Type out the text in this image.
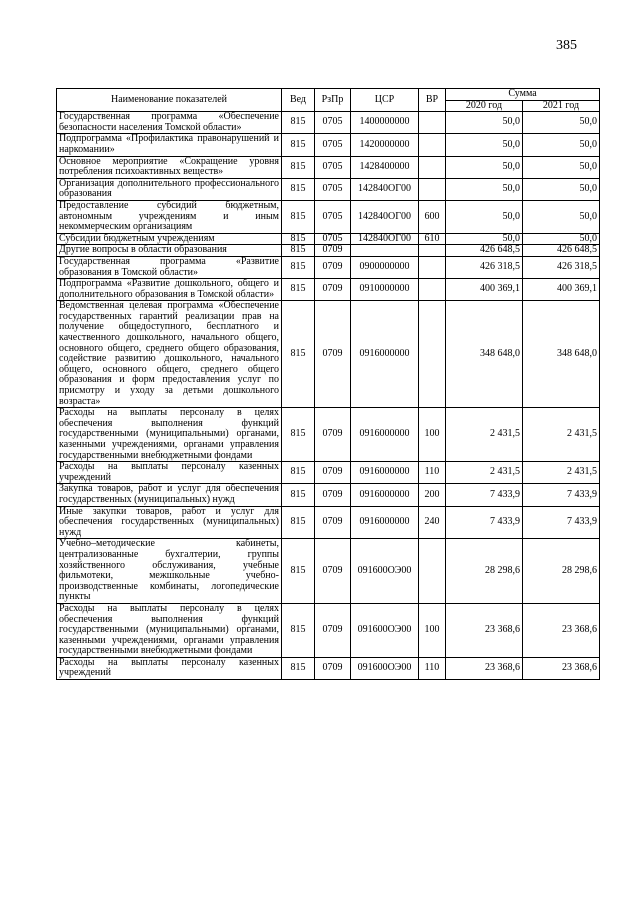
385
Наименование показателей	Вед	РзПр	ЦСР	ВР	Сумма	
					2020 год	2021 год
Государственная программа «Обеспечение безопасности населения Томской области»	815	0705	1400000000		50,0	50,0
Подпрограмма «Профилактика правонарушений и наркомании»	815	0705	1420000000		50,0	50,0
Основное мероприятие «Сокращение уровня потребления психоактивных веществ»	815	0705	1428400000		50,0	50,0
Организация дополнительного профессионального образования	815	0705	142840ОГ00		50,0	50,0
Предоставление субсидий бюджетным, автономным учреждениям и иным некоммерческим организациям	815	0705	142840ОГ00	600	50,0	50,0
Субсидии бюджетным учреждениям	815	0705	142840ОГ00	610	50,0	50,0
Другие вопросы в области образования	815	0709			426 648,5	426 648,5
Государственная программа «Развитие образования в Томской области»	815	0709	0900000000		426 318,5	426 318,5
Подпрограмма «Развитие дошкольного, общего и дополнительного образования в Томской области»	815	0709	0910000000		400 369,1	400 369,1
Ведомственная целевая программа «Обеспечение государственных гарантий реализации прав на получение общедоступного, бесплатного и качественного дошкольного, начального общего, основного общего, среднего общего образования, содействие развитию дошкольного, начального общего, основного общего, среднего общего образования и форм предоставления услуг по присмотру и уходу за детьми дошкольного возраста»	815	0709	0916000000		348 648,0	348 648,0
Расходы на выплаты персоналу в целях обеспечения выполнения функций государственными (муниципальными) органами, казенными учреждениями, органами управления государственными внебюджетными фондами	815	0709	0916000000	100	2 431,5	2 431,5
Расходы на выплаты персоналу казенных учреждений	815	0709	0916000000	110	2 431,5	2 431,5
Закупка товаров, работ и услуг для обеспечения государственных (муниципальных) нужд	815	0709	0916000000	200	7 433,9	7 433,9
Иные закупки товаров, работ и услуг для обеспечения государственных (муниципальных) нужд	815	0709	0916000000	240	7 433,9	7 433,9
Учебно–методические кабинеты, централизованные бухгалтерии, группы хозяйственного обслуживания, учебные фильмотеки, межшкольные учебно-производственные комбинаты, логопедические пункты	815	0709	091600ОЭ00		28 298,6	28 298,6
Расходы на выплаты персоналу в целях обеспечения выполнения функций государственными (муниципальными) органами, казенными учреждениями, органами управления государственными внебюджетными фондами	815	0709	091600ОЭ00	100	23 368,6	23 368,6
Расходы на выплаты персоналу казенных учреждений	815	0709	091600ОЭ00	110	23 368,6	23 368,6
